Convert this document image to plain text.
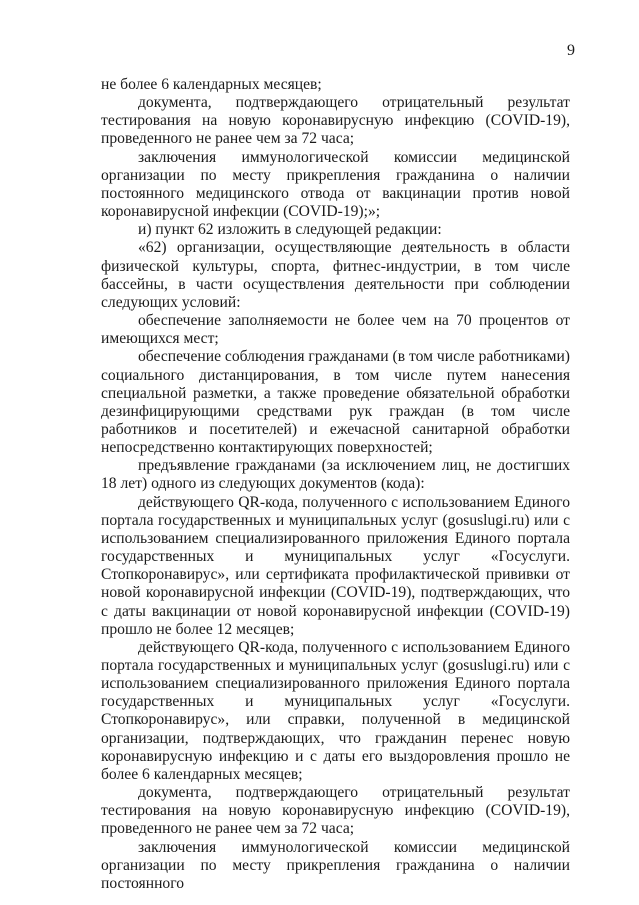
9

не более 6 календарных месяцев;

документа, подтверждающего отрицательный результат тестирования на новую коронавирусную инфекцию (COVID-19), проведенного не ранее чем за 72 часа;

заключения иммунологической комиссии медицинской организации по месту прикрепления гражданина о наличии постоянного медицинского отвода от вакцинации против новой коронавирусной инфекции (COVID-19);»;

и) пункт 62 изложить в следующей редакции:

«62) организации, осуществляющие деятельность в области физической культуры, спорта, фитнес-индустрии, в том числе бассейны, в части осуществления деятельности при соблюдении следующих условий:

обеспечение заполняемости не более чем на 70 процентов от имеющихся мест;

обеспечение соблюдения гражданами (в том числе работниками) социального дистанцирования, в том числе путем нанесения специальной разметки, а также проведение обязательной обработки дезинфицирующими средствами рук граждан (в том числе работников и посетителей) и ежечасной санитарной обработки непосредственно контактирующих поверхностей;

предъявление гражданами (за исключением лиц, не достигших 18 лет) одного из следующих документов (кода):

действующего QR-кода, полученного с использованием Единого портала государственных и муниципальных услуг (gosuslugi.ru) или с использованием специализированного приложения Единого портала государственных и муниципальных услуг «Госуслуги. Стопкоронавирус», или сертификата профилактической прививки от новой коронавирусной инфекции (COVID-19), подтверждающих, что с даты вакцинации от новой коронавирусной инфекции (COVID-19) прошло не более 12 месяцев;

действующего QR-кода, полученного с использованием Единого портала государственных и муниципальных услуг (gosuslugi.ru) или с использованием специализированного приложения Единого портала государственных и муниципальных услуг «Госуслуги. Стопкоронавирус», или справки, полученной в медицинской организации, подтверждающих, что гражданин перенес новую коронавирусную инфекцию и с даты его выздоровления прошло не более 6 календарных месяцев;

документа, подтверждающего отрицательный результат тестирования на новую коронавирусную инфекцию (COVID-19), проведенного не ранее чем за 72 часа;

заключения иммунологической комиссии медицинской организации по месту прикрепления гражданина о наличии постоянного
